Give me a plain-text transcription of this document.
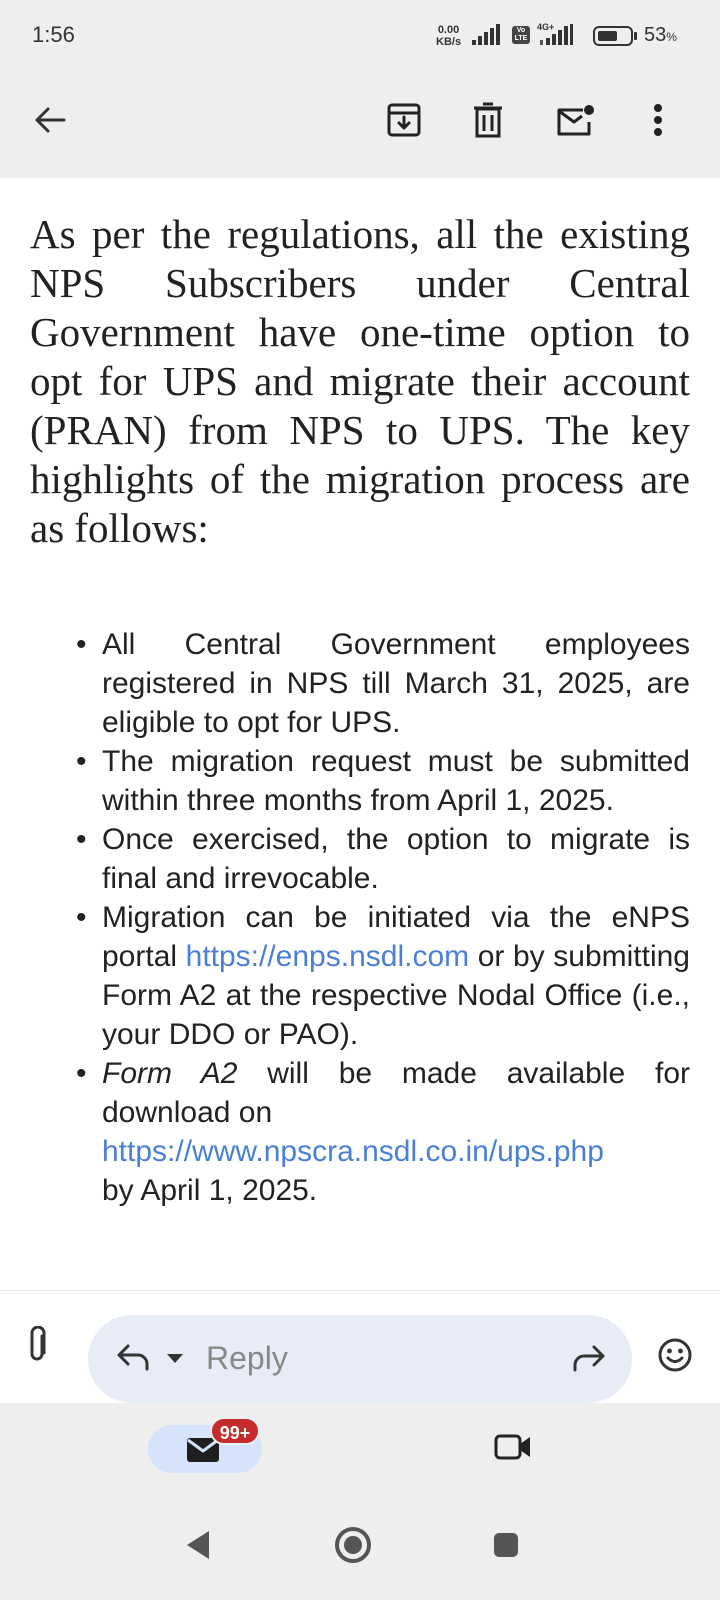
1:56	0.00
KB/s
Vo
LTE
4G+	53%

As per the regulations, all the existing NPS Subscribers under Central Government have one-time option to opt for UPS and migrate their account (PRAN) from NPS to UPS. The key highlights of the migration process are as follows:

• All Central Government employees registered in NPS till March 31, 2025, are eligible to opt for UPS.
• The migration request must be submitted within three months from April 1, 2025.
• Once exercised, the option to migrate is final and irrevocable.
• Migration can be initiated via the eNPS portal https://enps.nsdl.com or by submitting Form A2 at the respective Nodal Office (i.e., your DDO or PAO).
• Form A2 will be made available for download on
https://www.npscra.nsdl.co.in/ups.php
by April 1, 2025.
Reply
99+
